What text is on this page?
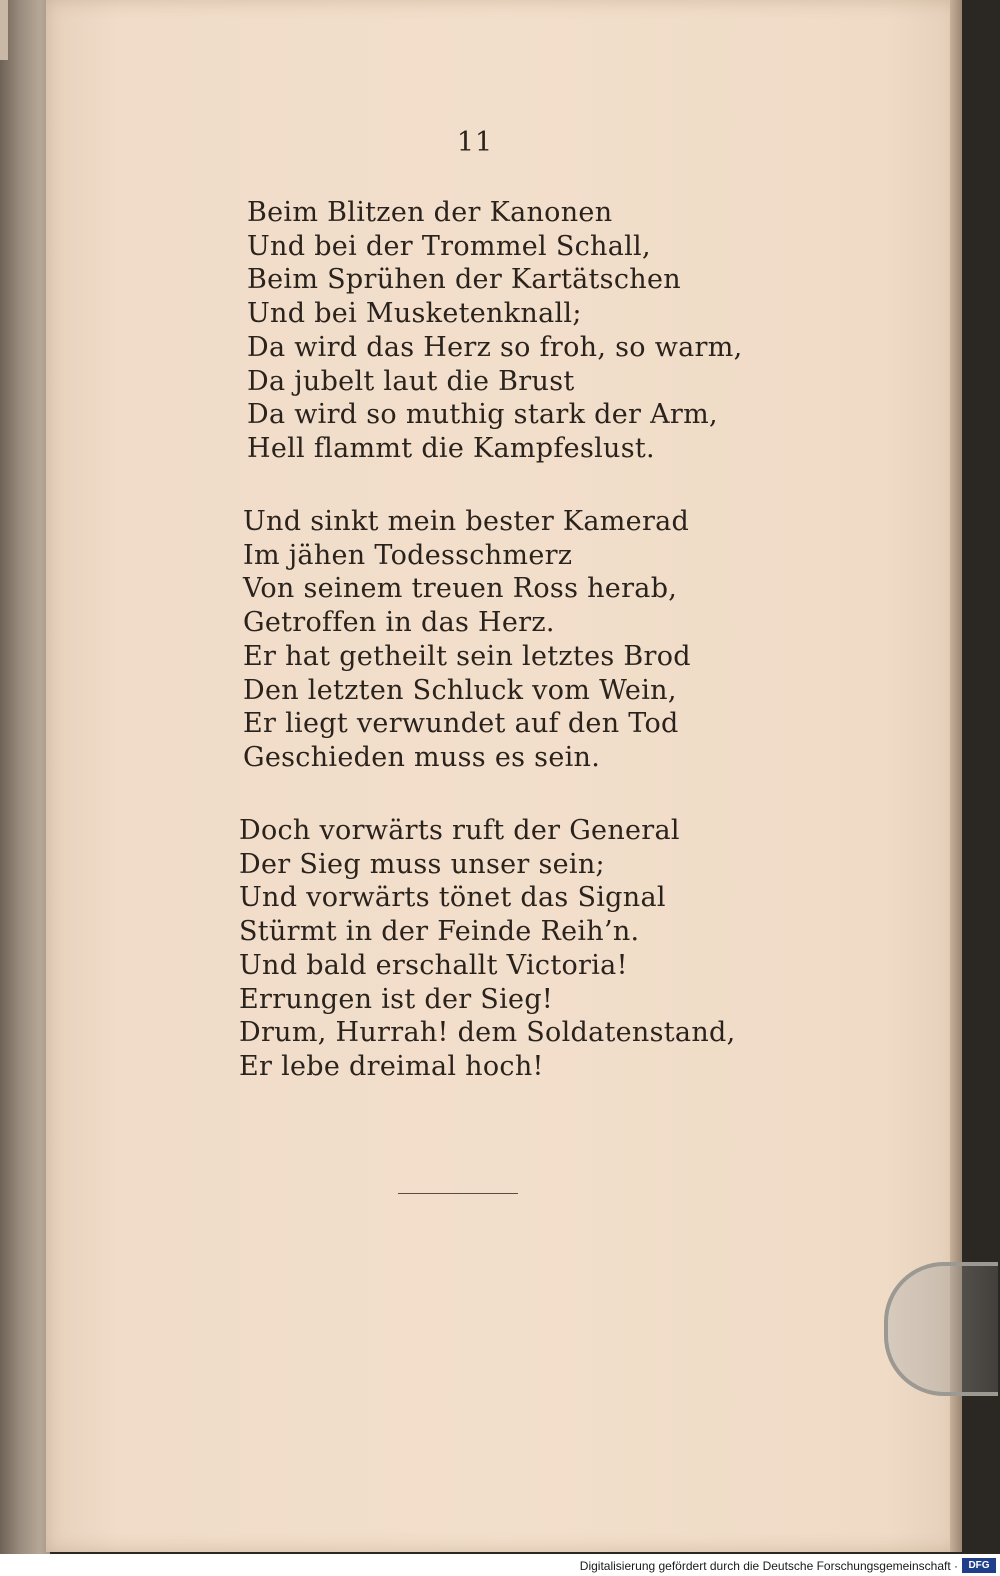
11
Beim Blitzen der Kanonen
Und bei der Trommel Schall,
Beim Sprühen der Kartätschen
Und bei Musketenknall;
Da wird das Herz so froh, so warm,
Da jubelt laut die Brust
Da wird so muthig stark der Arm,
Hell flammt die Kampfeslust.
Und sinkt mein bester Kamerad
Im jähen Todesschmerz
Von seinem treuen Ross herab,
Getroffen in das Herz.
Er hat getheilt sein letztes Brod
Den letzten Schluck vom Wein,
Er liegt verwundet auf den Tod
Geschieden muss es sein.
Doch vorwärts ruft der General
Der Sieg muss unser sein;
Und vorwärts tönet das Signal
Stürmt in der Feinde Reih’n.
Und bald erschallt Victoria!
Errungen ist der Sieg!
Drum, Hurrah! dem Soldatenstand,
Er lebe dreimal hoch!
Digitalisierung gefördert durch die Deutsche Forschungsgemeinschaft ·	DFG
